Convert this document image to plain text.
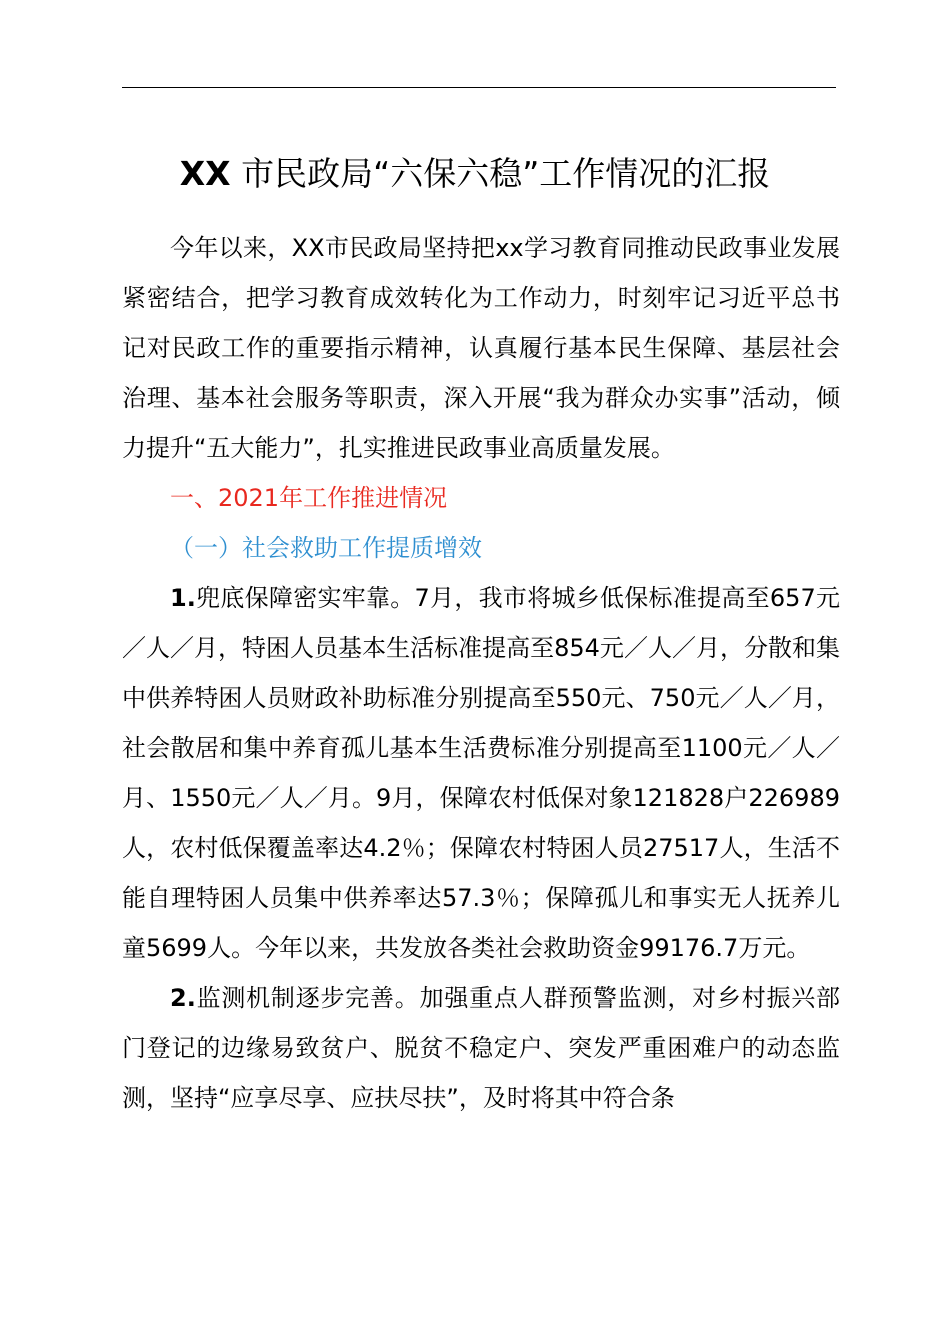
XX 市民政局“六保六稳”工作情况的汇报

今年以来，XX市民政局坚持把xx学习教育同推动民政事业发展紧密结合，把学习教育成效转化为工作动力，时刻牢记习近平总书记对民政工作的重要指示精神，认真履行基本民生保障、基层社会治理、基本社会服务等职责，深入开展“我为群众办实事”活动，倾力提升“五大能力”，扎实推进民政事业高质量发展。

一、2021年工作推进情况

（一）社会救助工作提质增效

1.兜底保障密实牢靠。7月，我市将城乡低保标准提高至657元／人／月，特困人员基本生活标准提高至854元／人／月，分散和集中供养特困人员财政补助标准分别提高至550元、750元／人／月，社会散居和集中养育孤儿基本生活费标准分别提高至1100元／人／月、1550元／人／月。9月，保障农村低保对象121828户226989人，农村低保覆盖率达4.2％；保障农村特困人员27517人，生活不能自理特困人员集中供养率达57.3％；保障孤儿和事实无人抚养儿童5699人。今年以来，共发放各类社会救助资金99176.7万元。

2.监测机制逐步完善。加强重点人群预警监测，对乡村振兴部门登记的边缘易致贫户、脱贫不稳定户、突发严重困难户的动态监测，坚持“应享尽享、应扶尽扶”，及时将其中符合条
